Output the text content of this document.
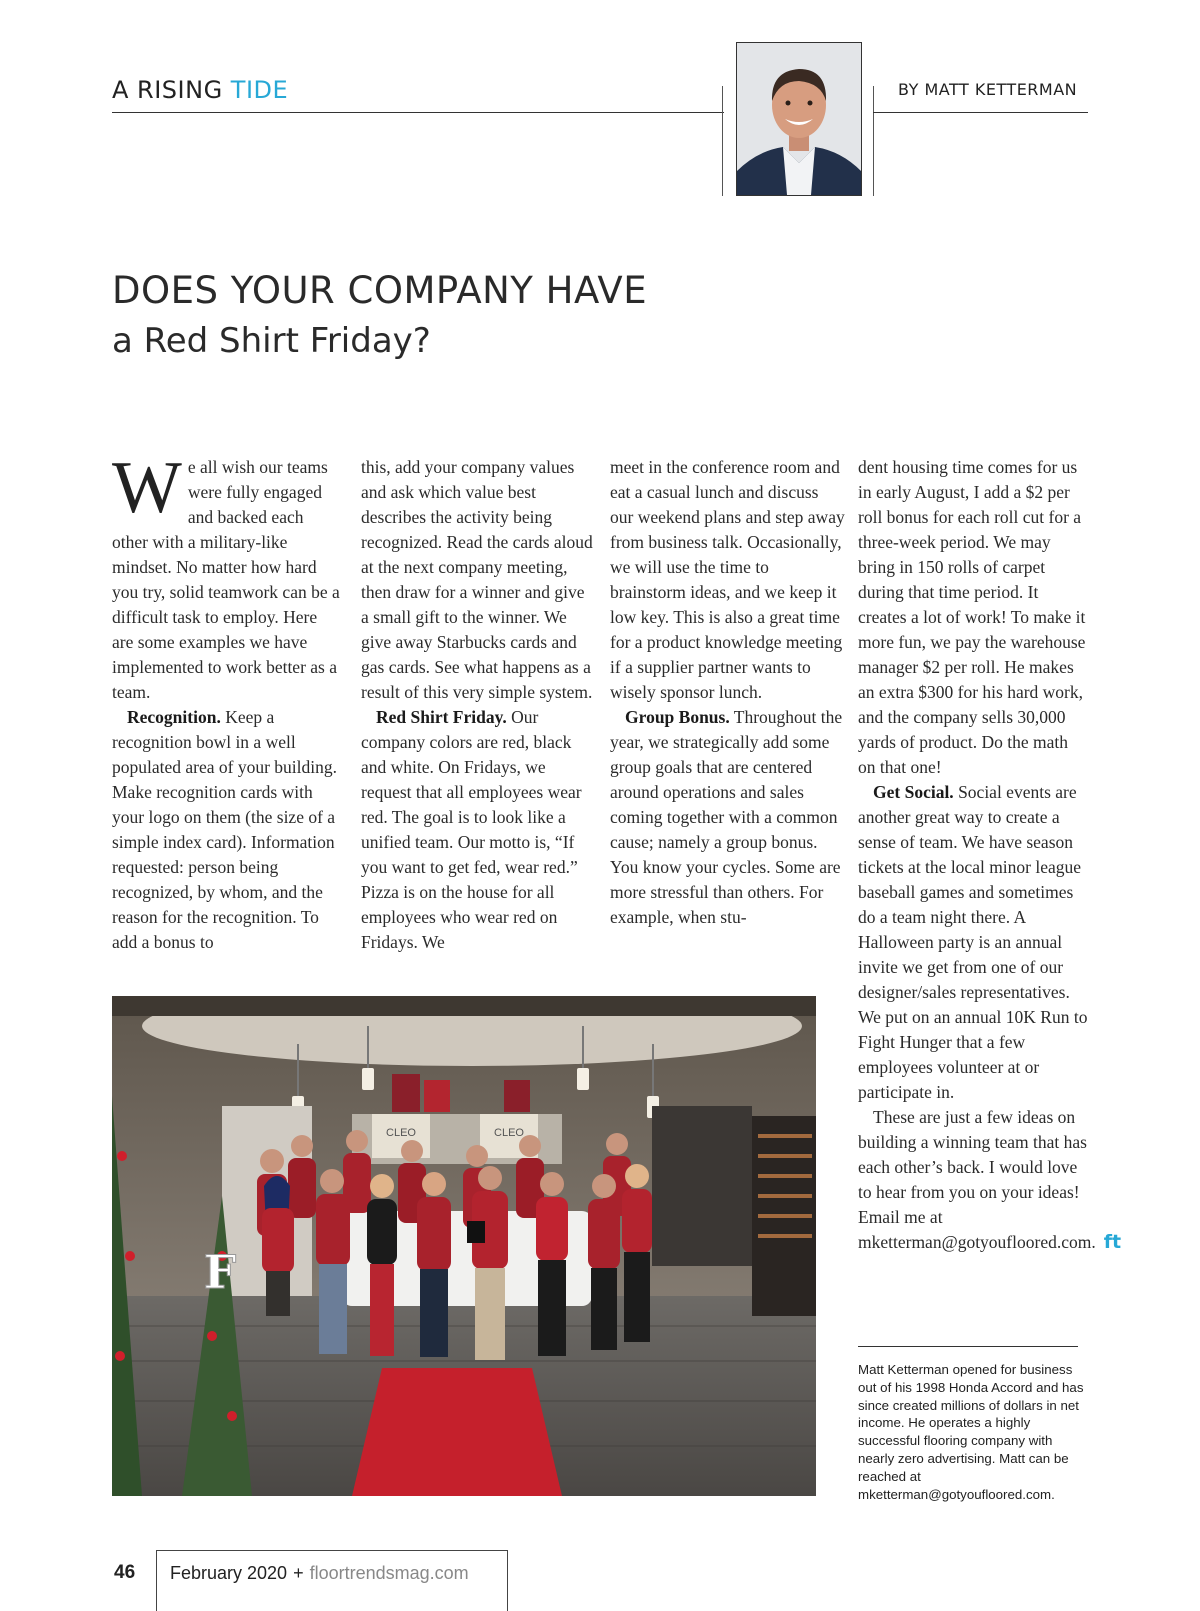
A RISING TIDE	BY MATT KETTERMAN
DOES YOUR COMPANY HAVE
a Red Shirt Friday?

We all wish our teams were fully engaged and backed each other with a military-like mindset. No matter how hard you try, solid teamwork can be a difficult task to employ. Here are some examples we have implemented to work better as a team.

Recognition. Keep a recognition bowl in a well populated area of your building. Make recognition cards with your logo on them (the size of a simple index card). Information requested: person being recognized, by whom, and the reason for the recognition. To add a bonus to

this, add your company values and ask which value best describes the activity being recognized. Read the cards aloud at the next company meeting, then draw for a winner and give a small gift to the winner. We give away Starbucks cards and gas cards. See what happens as a result of this very simple system.

Red Shirt Friday. Our company colors are red, black and white. On Fridays, we request that all employees wear red. The goal is to look like a unified team. Our motto is, “If you want to get fed, wear red.” Pizza is on the house for all employees who wear red on Fridays. We

meet in the conference room and eat a casual lunch and discuss our weekend plans and step away from business talk. Occasionally, we will use the time to brainstorm ideas, and we keep it low key. This is also a great time for a product knowledge meeting if a supplier partner wants to wisely sponsor lunch.

Group Bonus. Throughout the year, we strategically add some group goals that are centered around operations and sales coming together with a common cause; namely a group bonus. You know your cycles. Some are more stressful than others. For example, when stu-

dent housing time comes for us in early August, I add a $2 per roll bonus for each roll cut for a three-week period. We may bring in 150 rolls of carpet during that time period. It creates a lot of work! To make it more fun, we pay the warehouse manager $2 per roll. He makes an extra $300 for his hard work, and the company sells 30,000 yards of product. Do the math on that one!

Get Social. Social events are another great way to create a sense of team. We have season tickets at the local minor league baseball games and sometimes do a team night there. A Halloween party is an annual invite we get from one of our designer/sales representatives. We put on an annual 10K Run to Fight Hunger that a few employees volunteer at or participate in.

These are just a few ideas on building a winning team that has each other’s back. I would love to hear from you on your ideas! Email me at mketterman@gotyoufloored.com. ft

Matt Ketterman opened for business out of his 1998 Honda Accord and has since created millions of dollars in net income. He operates a highly successful flooring company with nearly zero advertising. Matt can be reached at mketterman@gotyoufloored.com.
CLEO	CLEO
F
46 February 2020 + floortrendsmag.com
